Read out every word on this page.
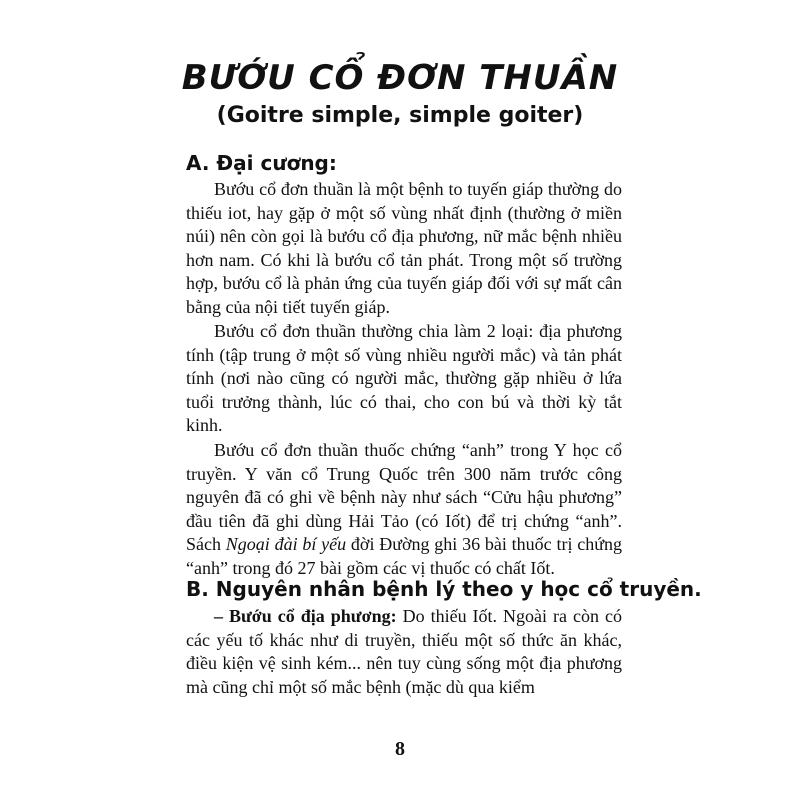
BƯỚU CỔ ĐƠN THUẦN
(Goitre simple, simple goiter)
A. Đại cương:

Bướu cổ đơn thuần là một bệnh to tuyến giáp thường do thiếu iot, hay gặp ở một số vùng nhất định (thường ở miền núi) nên còn gọi là bướu cổ địa phương, nữ mắc bệnh nhiều hơn nam. Có khi là bướu cổ tản phát. Trong một số trường hợp, bướu cổ là phản ứng của tuyến giáp đối với sự mất cân bằng của nội tiết tuyến giáp.

Bướu cổ đơn thuần thường chia làm 2 loại: địa phương tính (tập trung ở một số vùng nhiều người mắc) và tản phát tính (nơi nào cũng có người mắc, thường gặp nhiều ở lứa tuổi trưởng thành, lúc có thai, cho con bú và thời kỳ tắt kinh.

Bướu cổ đơn thuần thuốc chứng “anh” trong Y học cổ truyền. Y văn cổ Trung Quốc trên 300 năm trước công nguyên đã có ghi về bệnh này như sách “Cửu hậu phương” đầu tiên đã ghi dùng Hải Tảo (có Iốt) để trị chứng “anh”. Sách Ngoại đài bí yếu đời Đường ghi 36 bài thuốc trị chứng “anh” trong đó 27 bài gồm các vị thuốc có chất Iốt.

B. Nguyên nhân bệnh lý theo y học cổ truyền.

– Bướu cổ địa phương: Do thiếu Iốt. Ngoài ra còn có các yếu tố khác như di truyền, thiếu một số thức ăn khác, điều kiện vệ sinh kém... nên tuy cùng sống một địa phương mà cũng chỉ một số mắc bệnh (mặc dù qua kiểm

8
